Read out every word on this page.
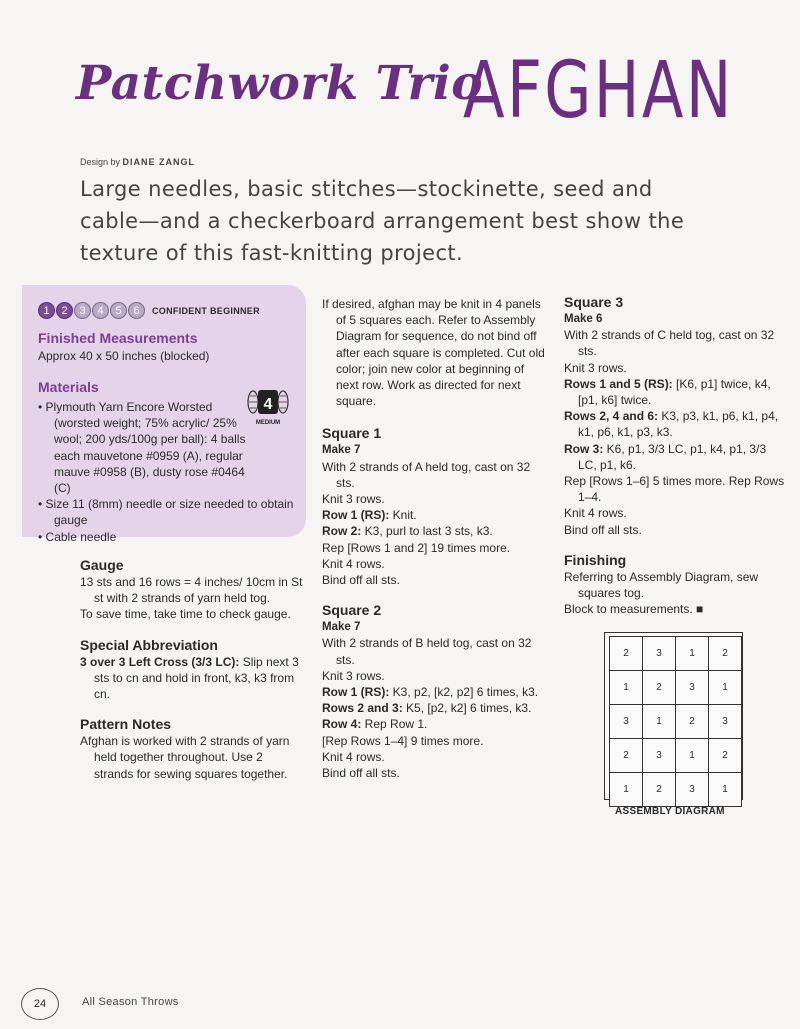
Patchwork Trio
AFGHAN
Design by DIANE ZANGL
Large needles, basic stitches—stockinette, seed and cable—and a checkerboard arrangement best show the texture of this fast-knitting project.
1	2	3	4	5	6	CONFIDENT BEGINNER
Finished Measurements
Approx 40 x 50 inches (blocked)
Materials
• Plymouth Yarn Encore Worsted (worsted weight; 75% acrylic/ 25% wool; 200 yds/100g per ball): 4 balls each mauvetone #0959 (A), regular mauve #0958 (B), dusty rose #0464 (C)
• Size 11 (8mm) needle or size needed to obtain gauge
• Cable needle
4
MEDIUM
Gauge

13 sts and 16 rows = 4 inches/ 10cm in St st with 2 strands of yarn held tog.

To save time, take time to check gauge.

Special Abbreviation

3 over 3 Left Cross (3/3 LC): Slip next 3 sts to cn and hold in front, k3, k3 from cn.

Pattern Notes

Afghan is worked with 2 strands of yarn held together throughout. Use 2 strands for sewing squares together.

If desired, afghan may be knit in 4 panels of 5 squares each. Refer to Assembly Diagram for sequence, do not bind off after each square is completed. Cut old color; join new color at beginning of next row. Work as directed for next square.

Square 1
Make 7

With 2 strands of A held tog, cast on 32 sts.

Knit 3 rows.

Row 1 (RS): Knit.

Row 2: K3, purl to last 3 sts, k3.

Rep [Rows 1 and 2] 19 times more.

Knit 4 rows.

Bind off all sts.

Square 2
Make 7

With 2 strands of B held tog, cast on 32 sts.

Knit 3 rows.

Row 1 (RS): K3, p2, [k2, p2] 6 times, k3.

Rows 2 and 3: K5, [p2, k2] 6 times, k3.

Row 4: Rep Row 1.

[Rep Rows 1–4] 9 times more.

Knit 4 rows.

Bind off all sts.

Square 3
Make 6

With 2 strands of C held tog, cast on 32 sts.

Knit 3 rows.

Rows 1 and 5 (RS): [K6, p1] twice, k4, [p1, k6] twice.

Rows 2, 4 and 6: K3, p3, k1, p6, k1, p4, k1, p6, k1, p3, k3.

Row 3: K6, p1, 3/3 LC, p1, k4, p1, 3/3 LC, p1, k6.

Rep [Rows 1–6] 5 times more. Rep Rows 1–4.

Knit 4 rows.

Bind off all sts.

Finishing

Referring to Assembly Diagram, sew squares tog.

Block to measurements. ■

2	3	1	2
1	2	3	1
3	1	2	3
2	3	1	2
1	2	3	1
ASSEMBLY DIAGRAM
24	All Season Throws
